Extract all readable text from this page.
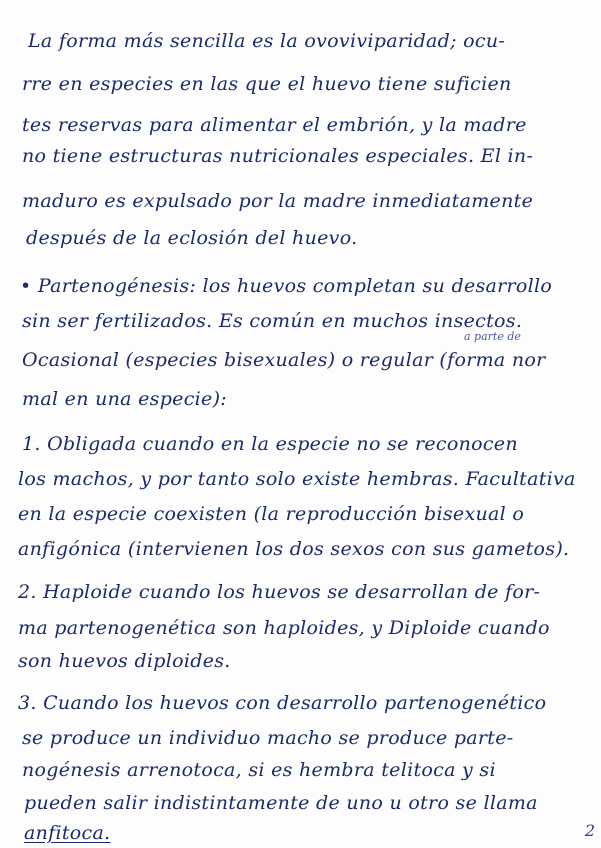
La forma más sencilla es la ovoviviparidad; ocu-
rre en especies en las que el huevo tiene suficien
tes reservas para alimentar el embrión, y la madre
no tiene estructuras nutricionales especiales. El in-
maduro es expulsado por la madre inmediatamente
después de la eclosión del huevo.
• Partenogénesis: los huevos completan su desarrollo
sin ser fertilizados. Es común en muchos insectos.
a parte de
Ocasional (especies bisexuales) o regular (forma nor
mal en una especie):
1. Obligada cuando en la especie no se reconocen
los machos, y por tanto solo existe hembras. Facultativa
en la especie coexisten (la reproducción bisexual o
anfigónica (intervienen los dos sexos con sus gametos).
2. Haploide cuando los huevos se desarrollan de for-
ma partenogenética son haploides, y Diploide cuando
son huevos diploides.
3. Cuando los huevos con desarrollo partenogenético
se produce un individuo macho se produce parte-
nogénesis arrenotoca, si es hembra telitoca y si
pueden salir indistintamente de uno u otro se llama
anfitoca.	2
